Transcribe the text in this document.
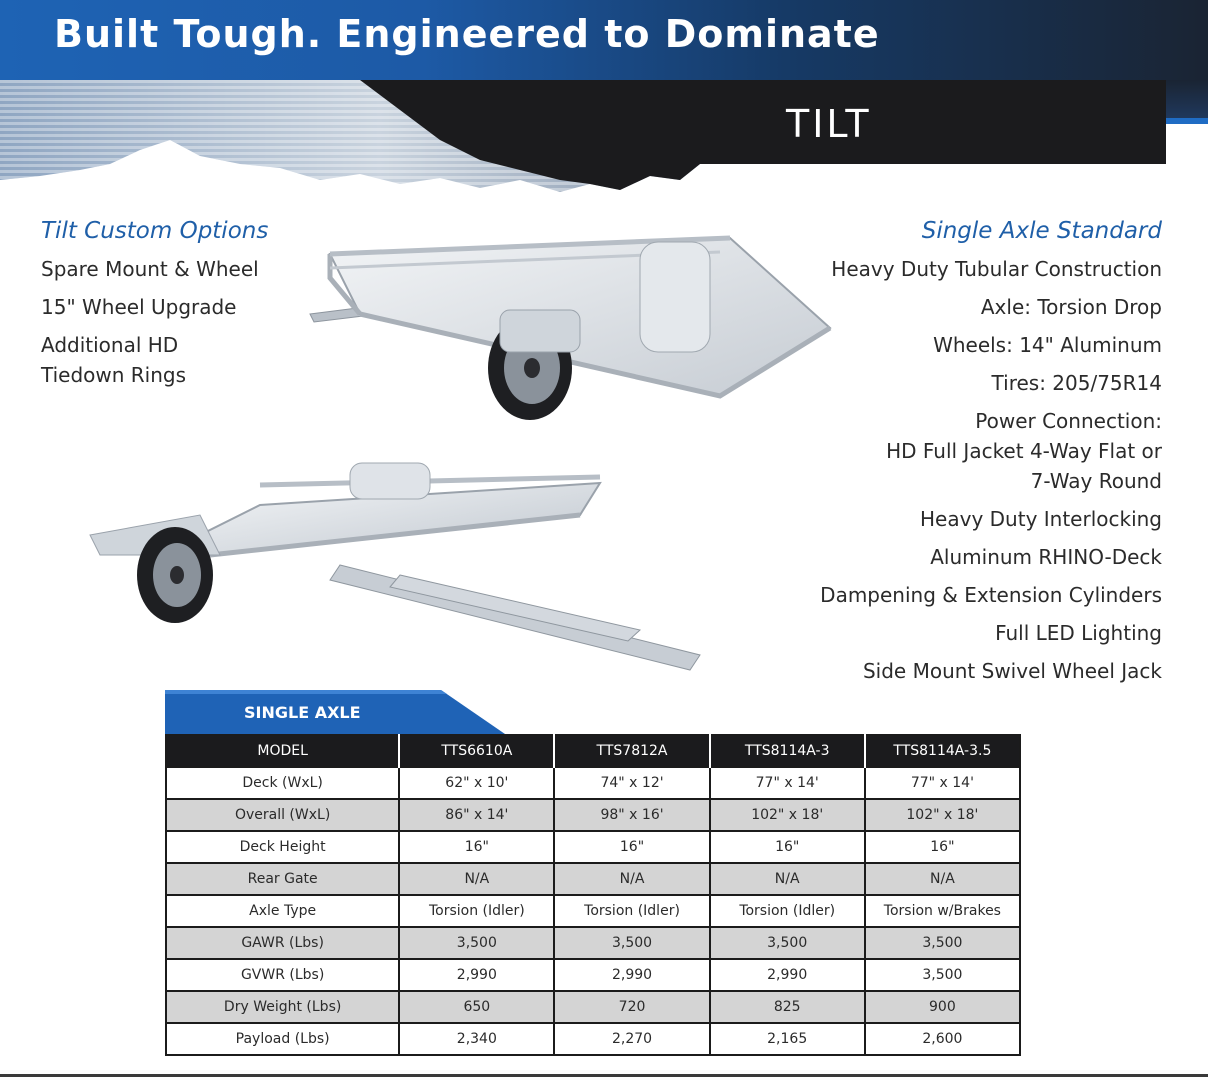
Built Tough. Engineered to Dominate
TILT
Tilt Custom Options
Spare Mount & Wheel
15" Wheel Upgrade
Additional HD
Tiedown Rings
Single Axle Standard
Heavy Duty Tubular Construction
Axle: Torsion Drop
Wheels: 14" Aluminum
Tires: 205/75R14
Power Connection:
HD Full Jacket 4-Way Flat or
7-Way Round
Heavy Duty Interlocking
Aluminum RHINO-Deck
Dampening & Extension Cylinders
Full LED Lighting
Side Mount Swivel Wheel Jack
SINGLE AXLE
MODEL	TTS6610A	TTS7812A	TTS8114A-3	TTS8114A-3.5
Deck (WxL)	62" x 10'	74" x 12'	77" x 14'	77" x 14'
Overall (WxL)	86" x 14'	98" x 16'	102" x 18'	102" x 18'
Deck Height	16"	16"	16"	16"
Rear Gate	N/A	N/A	N/A	N/A
Axle Type	Torsion (Idler)	Torsion (Idler)	Torsion (Idler)	Torsion w/Brakes
GAWR (Lbs)	3,500	3,500	3,500	3,500
GVWR (Lbs)	2,990	2,990	2,990	3,500
Dry Weight (Lbs)	650	720	825	900
Payload (Lbs)	2,340	2,270	2,165	2,600
